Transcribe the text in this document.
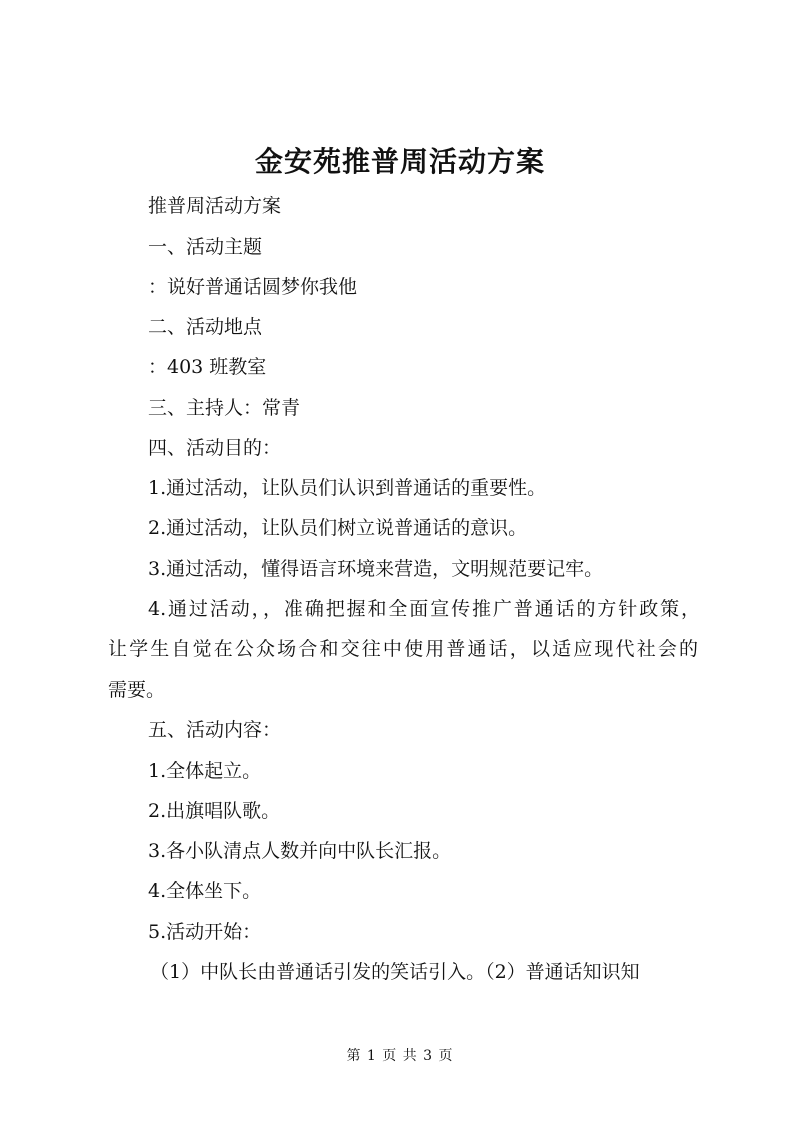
金安苑推普周活动方案
推普周活动方案
一、活动主题
：说好普通话圆梦你我他
二、活动地点
：403 班教室
三、主持人：常青
四、活动目的：
1.通过活动，让队员们认识到普通话的重要性。
2.通过活动，让队员们树立说普通话的意识。
3.通过活动，懂得语言环境来营造，文明规范要记牢。
4.通过活动，，准确把握和全面宣传推广普通话的方针政策，
让学生自觉在公众场合和交往中使用普通话，以适应现代社会的
需要。
五、活动内容：
1.全体起立。
2.出旗唱队歌。
3.各小队清点人数并向中队长汇报。
4.全体坐下。
5.活动开始：
（1）中队长由普通话引发的笑话引入。（2）普通话知识知
第 1 页 共 3 页
